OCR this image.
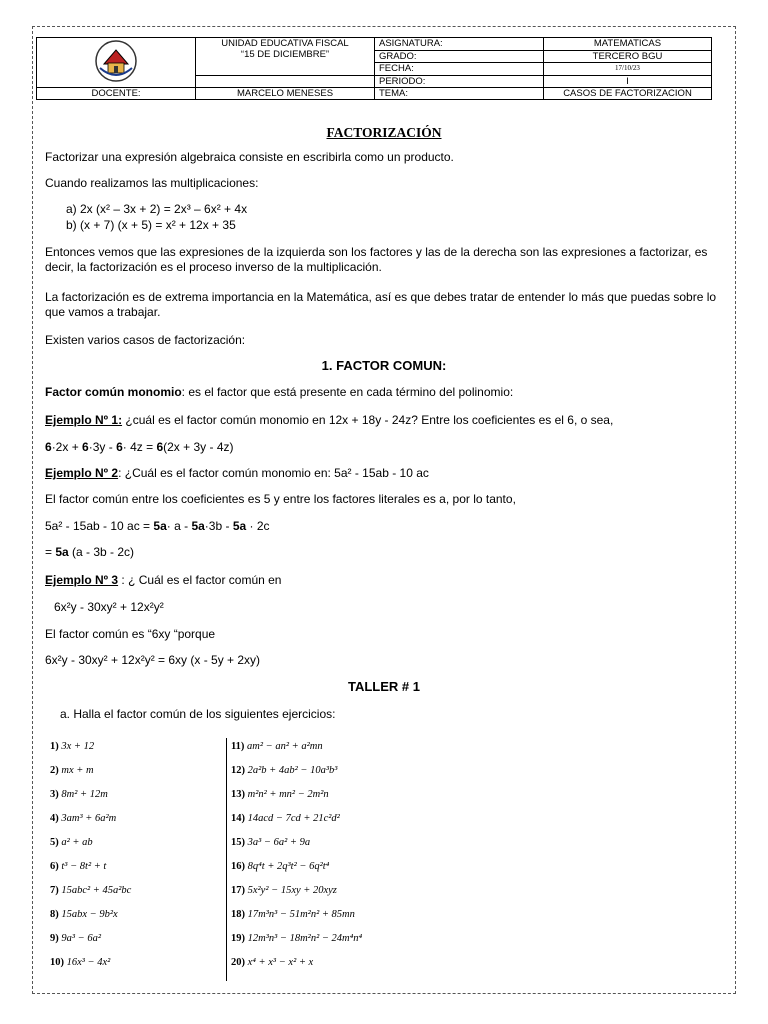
UNIDAD EDUCATIVA FISCAL
“15 DE DICIEMBRE”	ASIGNATURA:	MATEMATICAS
		GRADO:	TERCERO BGU
		FECHA:	17/10/23
		PERIODO:	I
DOCENTE:	MARCELO MENESES	TEMA:	CASOS DE FACTORIZACION
FACTORIZACIÓN
Factorizar una expresión algebraica consiste en escribirla como un producto.
Cuando realizamos las multiplicaciones:
a) 2x (x² – 3x + 2) = 2x³ – 6x² + 4x
b) (x + 7) (x + 5) = x² + 12x + 35
Entonces vemos que las expresiones de la izquierda son los factores y las de la derecha son las expresiones a factorizar, es decir, la factorización es el proceso inverso de la multiplicación.
La factorización es de extrema importancia en la Matemática, así es que debes tratar de entender lo más que puedas sobre lo que vamos a trabajar.
Existen varios casos de factorización:
1. FACTOR COMUN:
Factor común monomio: es el factor que está presente en cada término del polinomio:
Ejemplo Nº 1: ¿cuál es el factor común monomio en 12x + 18y - 24z? Entre los coeficientes es el 6, o sea,
6·2x + 6·3y - 6· 4z = 6(2x + 3y - 4z)
Ejemplo Nº 2: ¿Cuál es el factor común monomio en: 5a² - 15ab - 10 ac
El factor común entre los coeficientes es 5 y entre los factores literales es a, por lo tanto,
5a² - 15ab - 10 ac = 5a· a - 5a·3b - 5a · 2c
= 5a (a - 3b - 2c)
Ejemplo Nº 3 : ¿ Cuál es el factor común en
6x²y - 30xy² + 12x²y²
El factor común es “6xy “porque
6x²y - 30xy² + 12x²y² = 6xy (x - 5y + 2xy)
TALLER # 1
a. Halla el factor común de los siguientes ejercicios:
1) 3x + 12
2) mx + m
3) 8m² + 12m
4) 3am³ + 6a²m
5) a² + ab
6) t³ − 8t² + t
7) 15abc² + 45a²bc
8) 15abx − 9b²x
9) 9a³ − 6a²
10) 16x³ − 4x²
11) am² − an² + a²mn
12) 2a²b + 4ab² − 10a³b³
13) m²n² + mn² − 2m²n
14) 14acd − 7cd + 21c²d²
15) 3a³ − 6a² + 9a
16) 8q⁴t + 2q³t² − 6q²t⁴
17) 5x²y² − 15xy + 20xyz
18) 17m³n³ − 51m²n² + 85mn
19) 12m³n³ − 18m²n² − 24m⁴n⁴
20) x⁴ + x³ − x² + x
